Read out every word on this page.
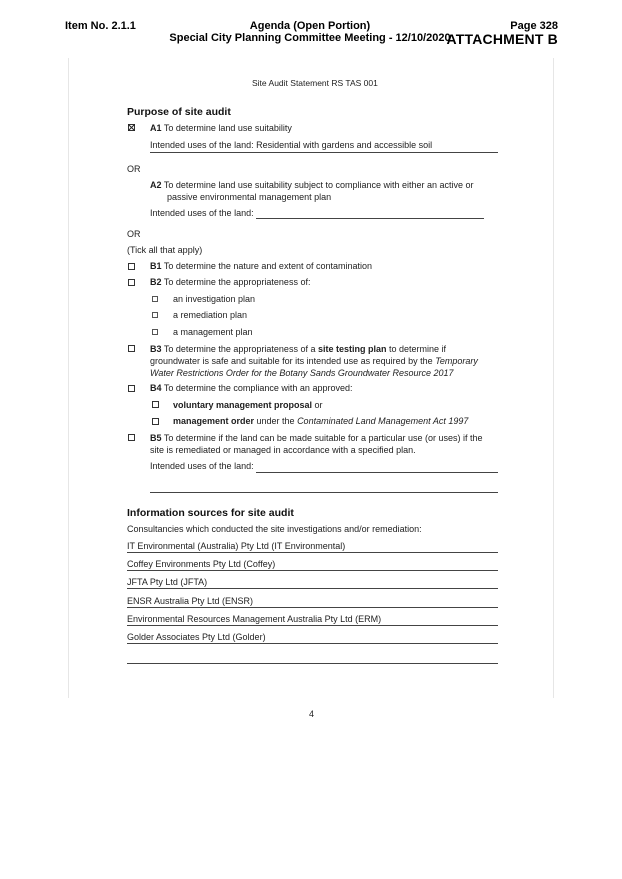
Item No. 2.1.1	Agenda (Open Portion)
Special City Planning Committee Meeting - 12/10/2020
Page 328
ATTACHMENT B
Site Audit Statement RS TAS 001
Purpose of site audit
A1 To determine land use suitability
Intended uses of the land: Residential with gardens and accessible soil
OR
A2 To determine land use suitability subject to compliance with either an active or
passive environmental management plan
Intended uses of the land:
OR
(Tick all that apply)
B1 To determine the nature and extent of contamination
B2 To determine the appropriateness of:
an investigation plan
a remediation plan
a management plan
B3 To determine the appropriateness of a site testing plan to determine if
groundwater is safe and suitable for its intended use as required by the Temporary
Water Restrictions Order for the Botany Sands Groundwater Resource 2017
B4 To determine the compliance with an approved:
voluntary management proposal or
management order under the Contaminated Land Management Act 1997
B5 To determine if the land can be made suitable for a particular use (or uses) if the
site is remediated or managed in accordance with a specified plan.
Intended uses of the land:
Information sources for site audit
Consultancies which conducted the site investigations and/or remediation:
IT Environmental (Australia) Pty Ltd (IT Environmental)
Coffey Environments Pty Ltd (Coffey)
JFTA Pty Ltd (JFTA)
ENSR Australia Pty Ltd (ENSR)
Environmental Resources Management Australia Pty Ltd (ERM)
Golder Associates Pty Ltd (Golder)
4
